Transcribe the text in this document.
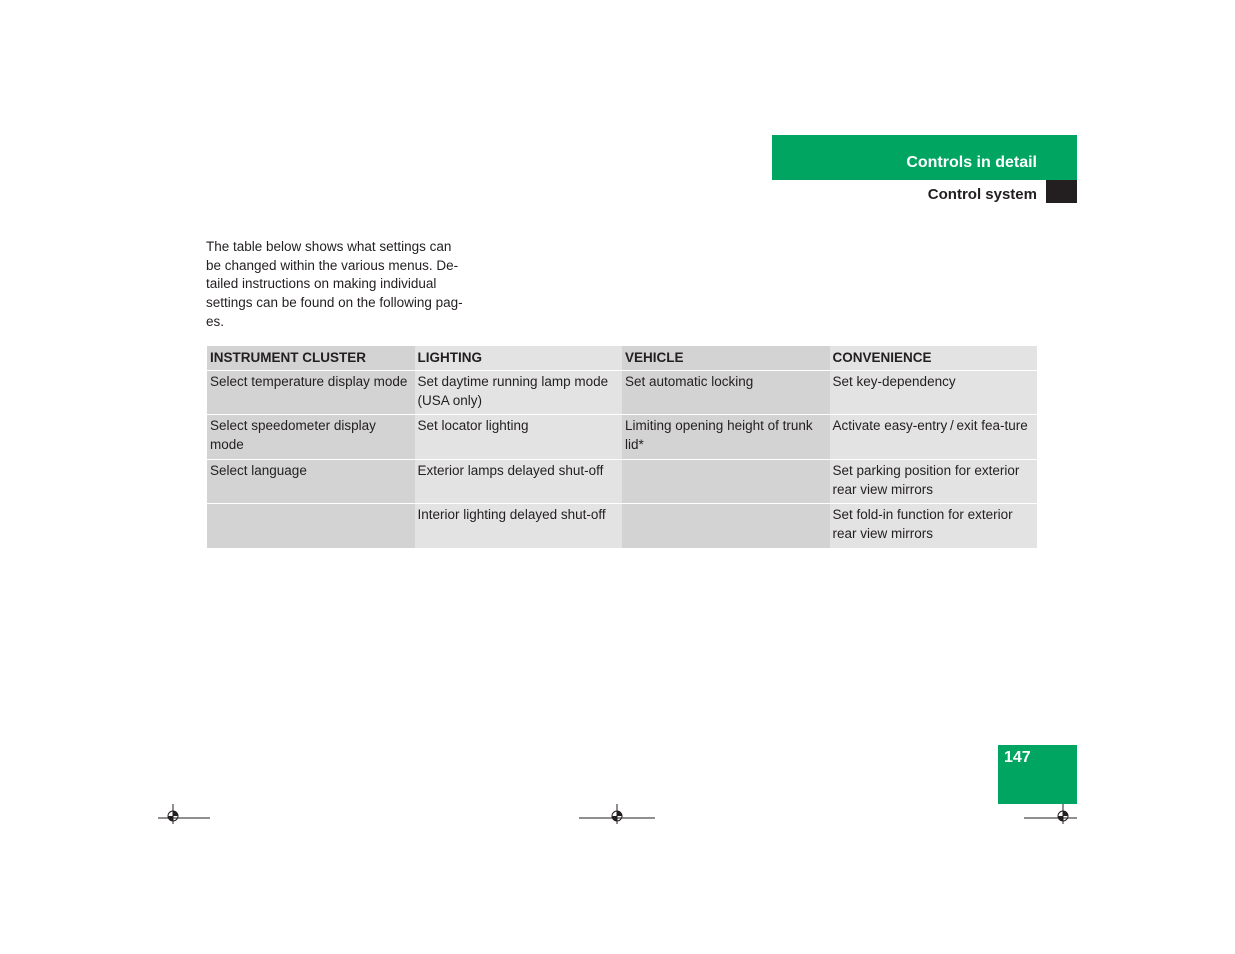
Controls in detail
Control system
The table below shows what settings can
be changed within the various menus. De-
tailed instructions on making individual
settings can be found on the following pag-
es.
INSTRUMENT CLUSTER	LIGHTING	VEHICLE	CONVENIENCE
Select temperature display mode	Set daytime running lamp mode (USA only)	Set automatic locking	Set key-dependency
Select speedometer display mode	Set locator lighting	Limiting opening height of trunk lid*	Activate easy-entry / exit fea-ture
Select language	Exterior lamps delayed shut-off		Set parking position for exterior rear view mirrors
	Interior lighting delayed shut-off		Set fold-in function for exterior rear view mirrors
147
